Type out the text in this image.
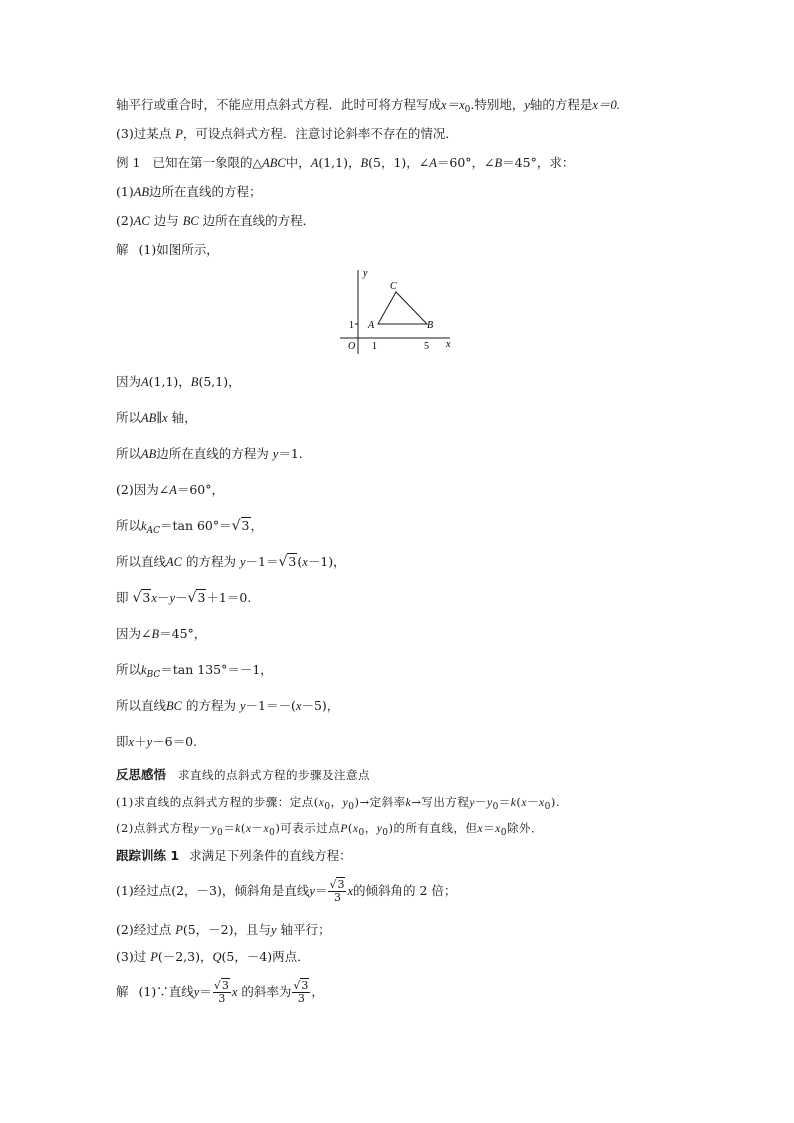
轴平行或重合时，不能应用点斜式方程．此时可将方程写成$x=x_0$.特别地，y轴的方程是x＝0.
(3)过某点 P，可设点斜式方程．注意讨论斜率不存在的情况．
例 1 已知在第一象限的△ABC中，A(1,1)，B(5，1)，∠A＝60°，∠B＝45°，求：
(1)AB边所在直线的方程；
(2)AC 边与 BC 边所在直线的方程．
解 (1)如图所示，
y
x
O
C
A	B
1
1	5
因为A(1,1)，B(5,1)，
所以AB∥x 轴，
所以AB边所在直线的方程为 y＝1.
(2)因为∠A＝60°，
所以$k_{AC}=\tan$ 60°＝√3，
所以直线AC 的方程为 y－1＝√3(x－1)，
即 √3x－y－√3＋1＝0.
因为∠B＝45°，
所以$k_{BC}=\tan$ 135°＝－1，
所以直线BC 的方程为 y－1＝－(x－5)，
即x＋y－6＝0.
反思感悟 求直线的点斜式方程的步骤及注意点
(1)求直线的点斜式方程的步骤：定点($x_0$，$y_0)\to$定斜率k→写出方程$y-y_0=k(x-x_0)$.
(2)点斜式方程$y-y_0=k(x-x_0)$可表示过点$P(x_0$，$y_0$)的所有直线，但$x=x_0$除外．
跟踪训练 1 求满足下列条件的直线方程：
(1)经过点(2，－3)，倾斜角是直线$y= \frac{√3}{3}$ x的倾斜角的 2 倍；
(2)经过点 P(5，－2)，且与y 轴平行；
(3)过 P(－2,3)，Q(5，－4)两点．
解 (1)∵直线$y= \frac{√3}{3}$ x 的斜率为 $\frac{√3}{3}$ ，
